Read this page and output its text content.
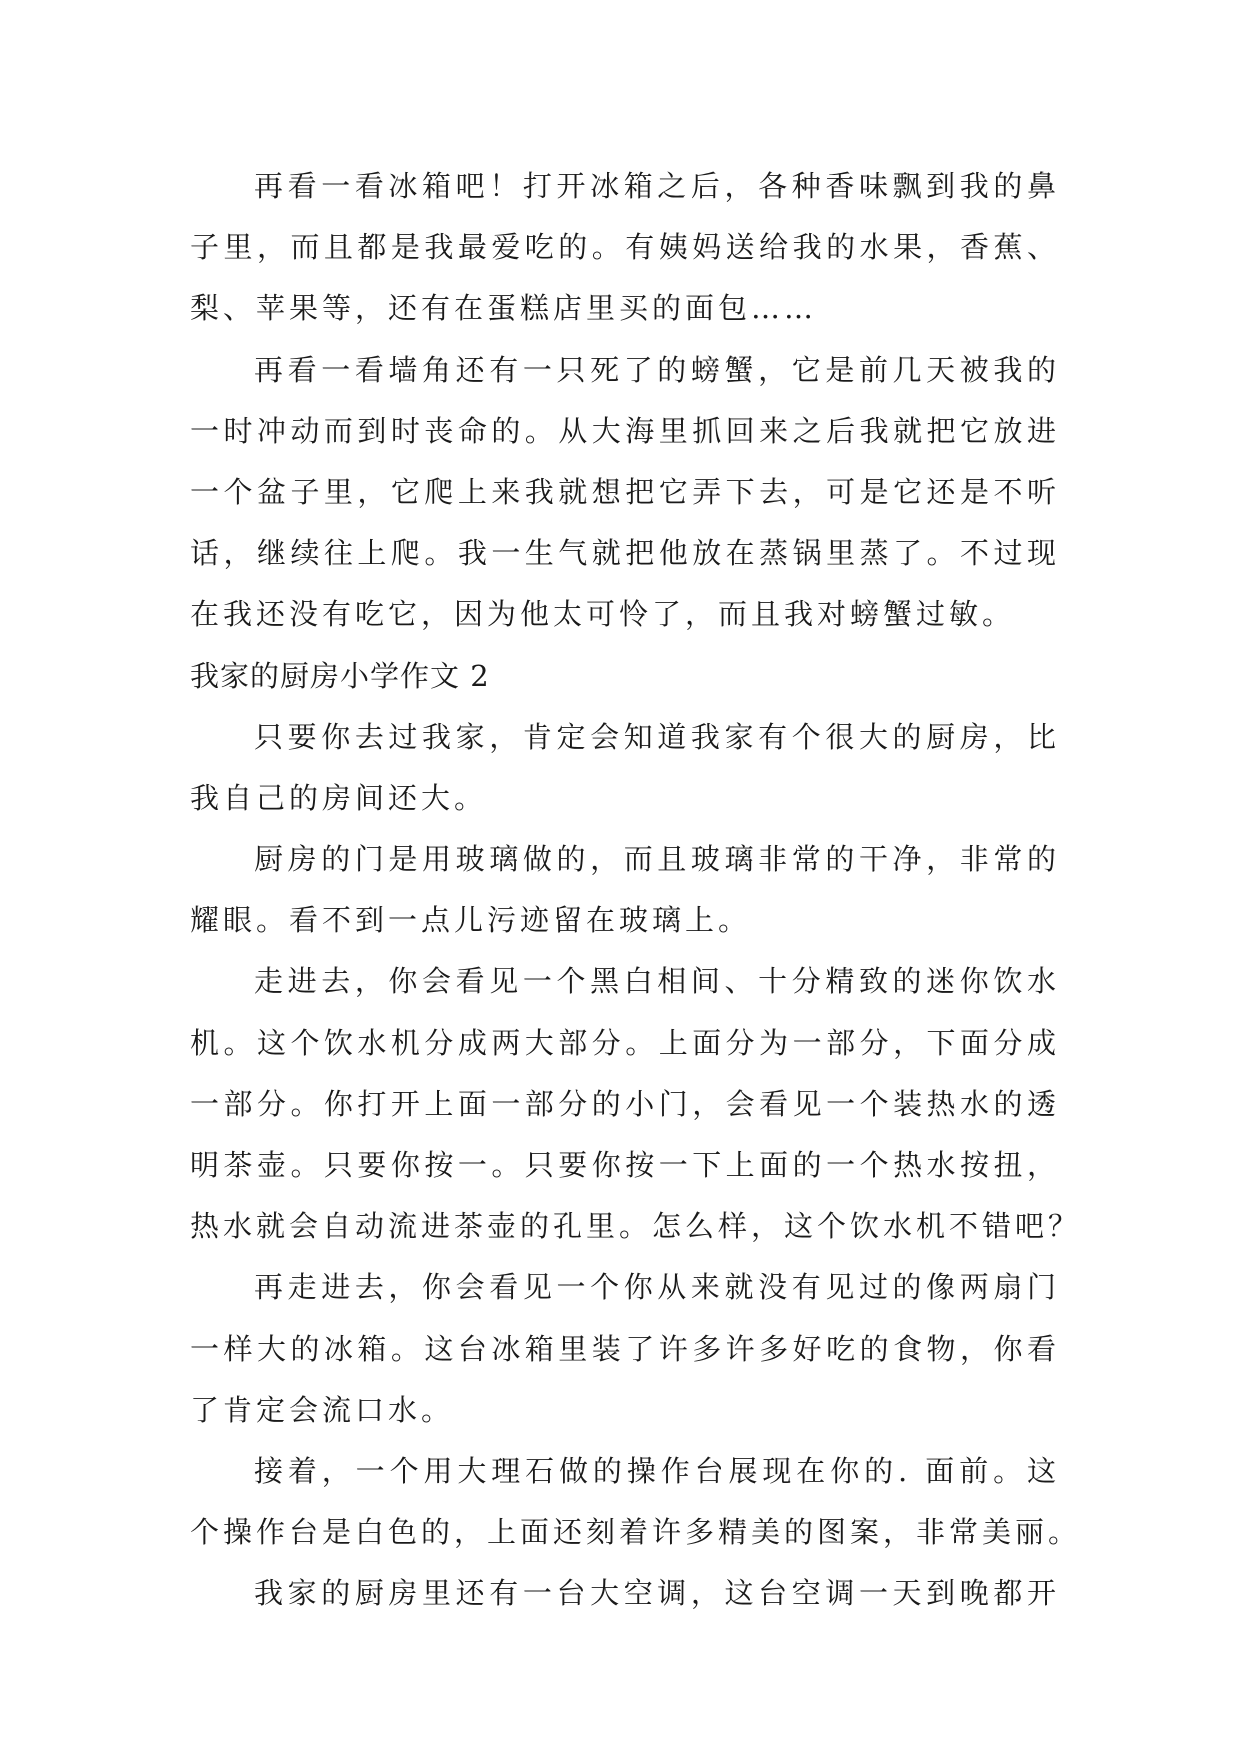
再看一看冰箱吧！打开冰箱之后，各种香味飘到我的鼻
子里，而且都是我最爱吃的。有姨妈送给我的水果，香蕉、
梨、苹果等，还有在蛋糕店里买的面包……
再看一看墙角还有一只死了的螃蟹，它是前几天被我的
一时冲动而到时丧命的。从大海里抓回来之后我就把它放进
一个盆子里，它爬上来我就想把它弄下去，可是它还是不听
话，继续往上爬。我一生气就把他放在蒸锅里蒸了。不过现
在我还没有吃它，因为他太可怜了，而且我对螃蟹过敏。
我家的厨房小学作文 2
只要你去过我家，肯定会知道我家有个很大的厨房，比
我自己的房间还大。
厨房的门是用玻璃做的，而且玻璃非常的干净，非常的
耀眼。看不到一点儿污迹留在玻璃上。
走进去，你会看见一个黑白相间、十分精致的迷你饮水
机。这个饮水机分成两大部分。上面分为一部分，下面分成
一部分。你打开上面一部分的小门，会看见一个装热水的透
明茶壶。只要你按一。只要你按一下上面的一个热水按扭，
热水就会自动流进茶壶的孔里。怎么样，这个饮水机不错吧？
再走进去，你会看见一个你从来就没有见过的像两扇门
一样大的冰箱。这台冰箱里装了许多许多好吃的食物，你看
了肯定会流口水。
接着，一个用大理石做的操作台展现在你的. 面前。这
个操作台是白色的，上面还刻着许多精美的图案，非常美丽。
我家的厨房里还有一台大空调，这台空调一天到晚都开
